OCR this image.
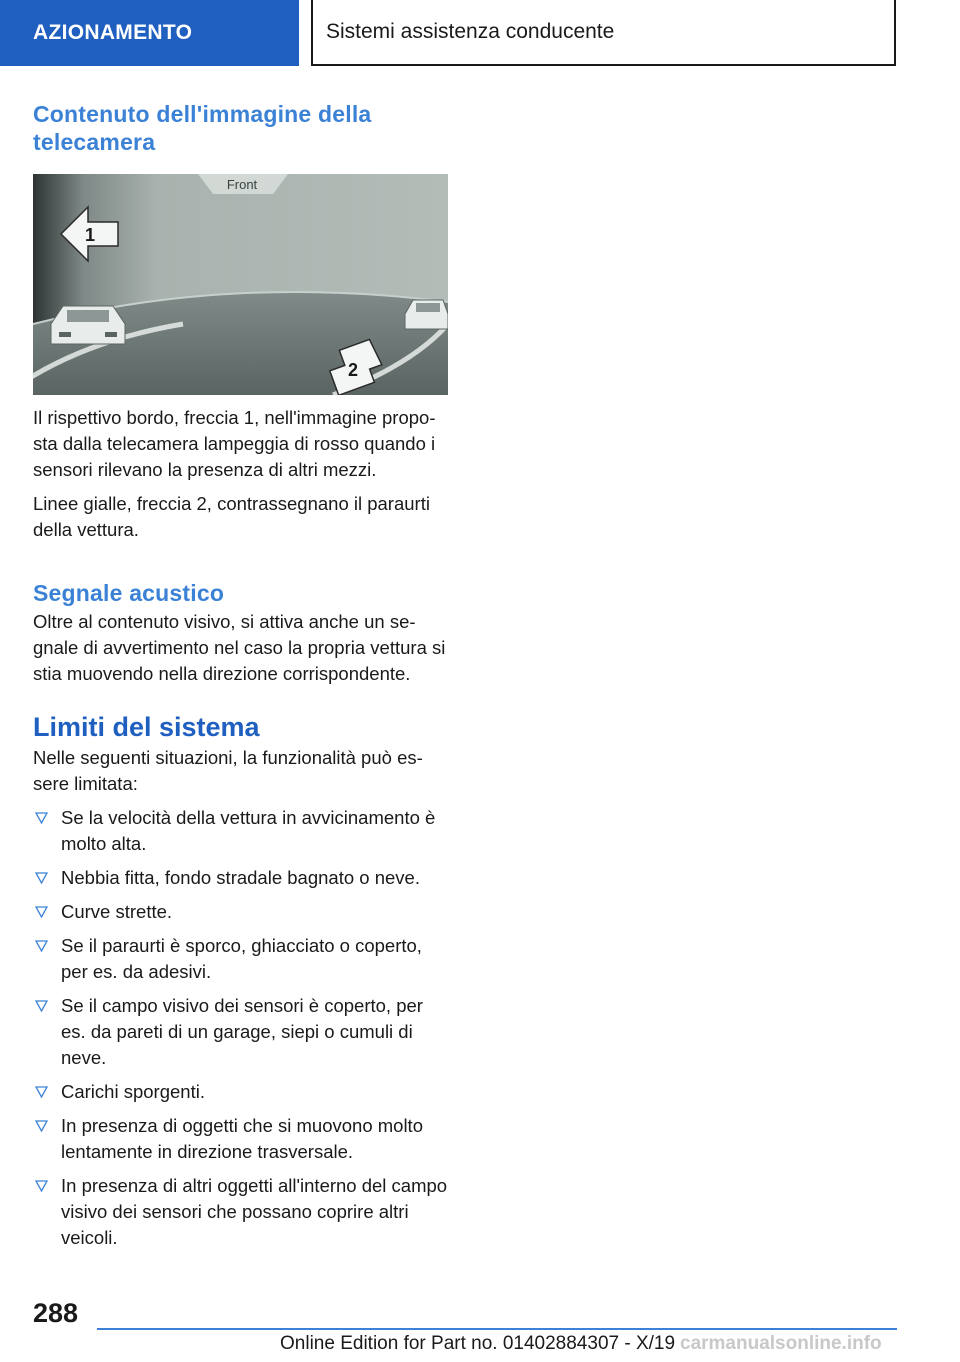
AZIONAMENTO	Sistemi assistenza conducente
Contenuto dell'immagine della telecamera
Front
1
2

Il rispettivo bordo, freccia 1, nell'immagine propo‐sta dalla telecamera lampeggia di rosso quando i sensori rilevano la presenza di altri mezzi.

Linee gialle, freccia 2, contrassegnano il paraurti della vettura.

Segnale acustico

Oltre al contenuto visivo, si attiva anche un se‐gnale di avvertimento nel caso la propria vettura si stia muovendo nella direzione corrispondente.

Limiti del sistema

Nelle seguenti situazioni, la funzionalità può es‐sere limitata:

Se la velocità della vettura in avvicinamento è molto alta.
Nebbia fitta, fondo stradale bagnato o neve.
Curve strette.
Se il paraurti è sporco, ghiacciato o coperto, per es. da adesivi.
Se il campo visivo dei sensori è coperto, per es. da pareti di un garage, siepi o cumuli di neve.
Carichi sporgenti.
In presenza di oggetti che si muovono molto lentamente in direzione trasversale.
In presenza di altri oggetti all'interno del campo visivo dei sensori che possano coprire altri veicoli.
288
Online Edition for Part no. 01402884307 - X/19 carmanualsonline.info
